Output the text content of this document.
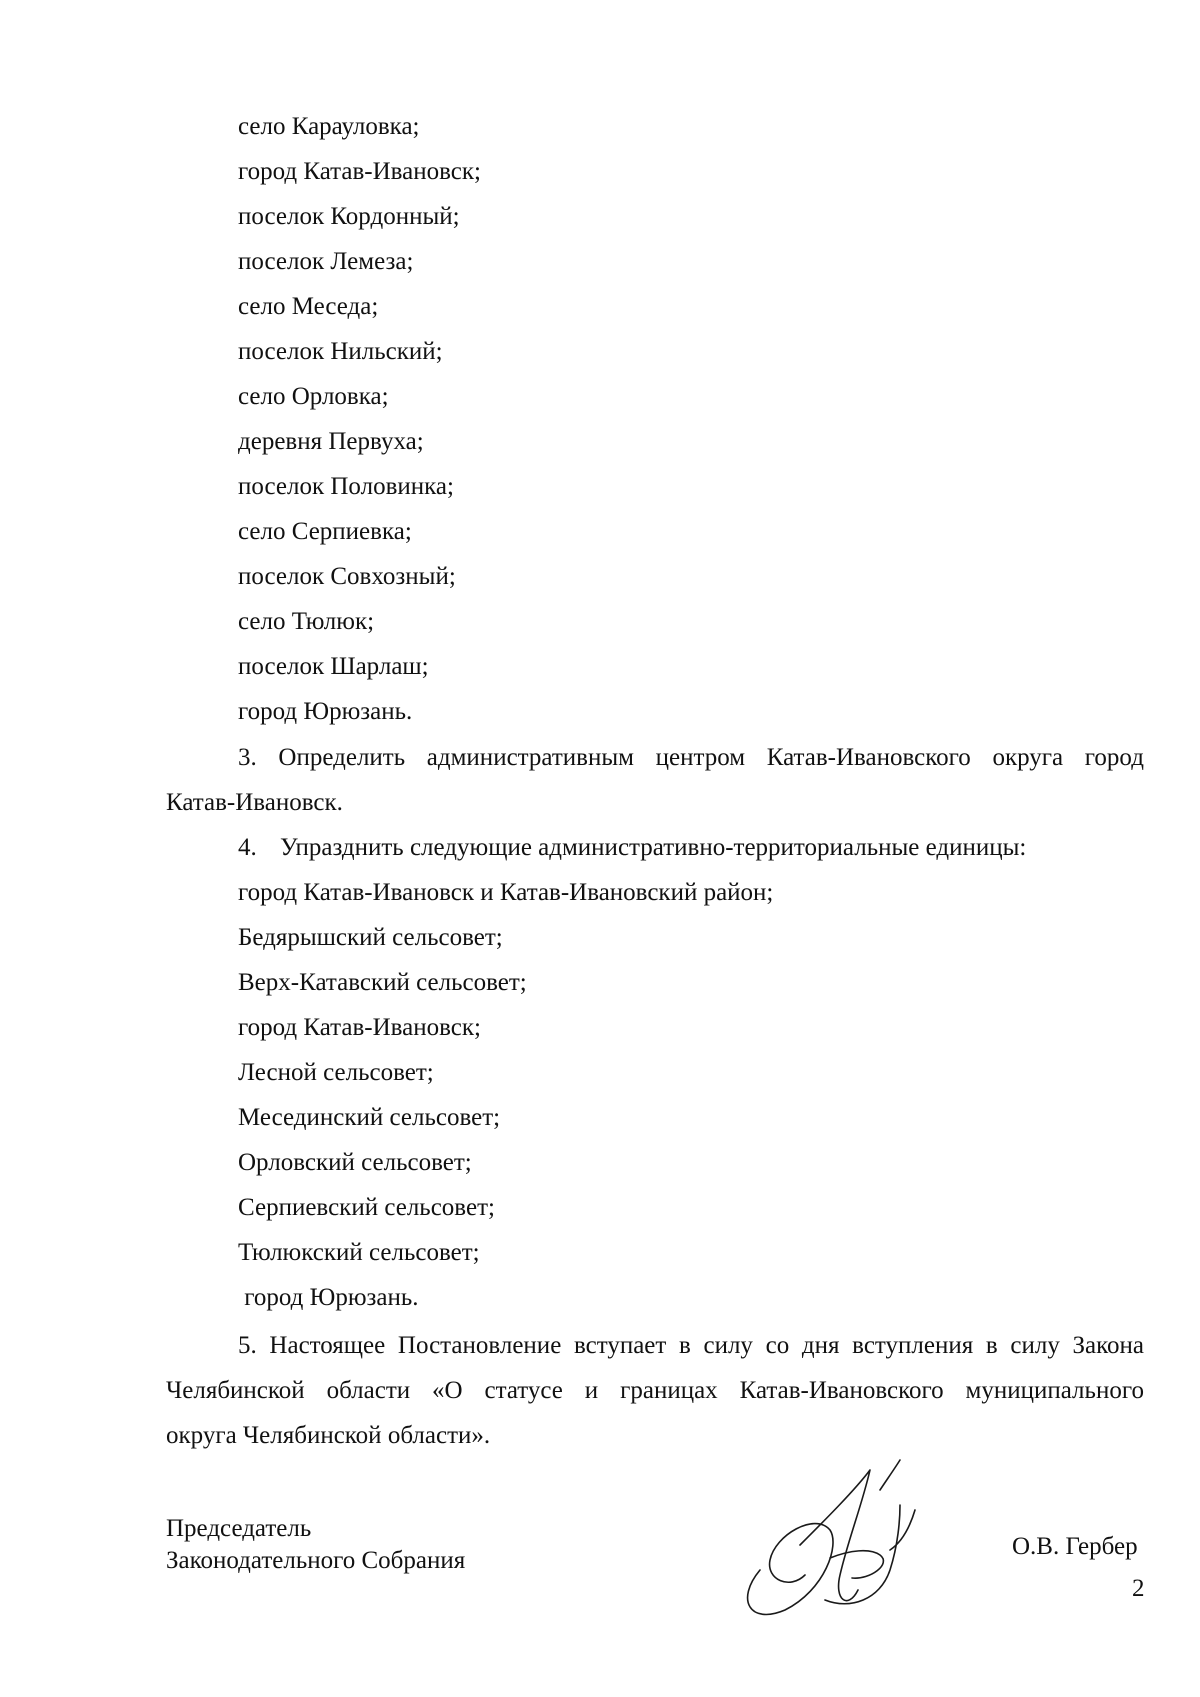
село Карауловка;
город Катав-Ивановск;
поселок Кордонный;
поселок Лемеза;
село Меседа;
поселок Нильский;
село Орловка;
деревня Первуха;
поселок Половинка;
село Серпиевка;
поселок Совхозный;
село Тюлюк;
поселок Шарлаш;
город Юрюзань.
3. Определить административным центром Катав-Ивановского округа город
Катав-Ивановск.
4. Упразднить следующие административно-территориальные единицы:
город Катав-Ивановск и Катав-Ивановский район;
Бедярышский сельсовет;
Верх-Катавский сельсовет;
город Катав-Ивановск;
Лесной сельсовет;
Месединский сельсовет;
Орловский сельсовет;
Серпиевский сельсовет;
Тюлюкский сельсовет;
город Юрюзань.
5. Настоящее Постановление вступает в силу со дня вступления в силу Закона
Челябинской области «О статусе и границах Катав-Ивановского муниципального
округа Челябинской области».
Председатель
Законодательного Собрания
О.В. Гербер
2
